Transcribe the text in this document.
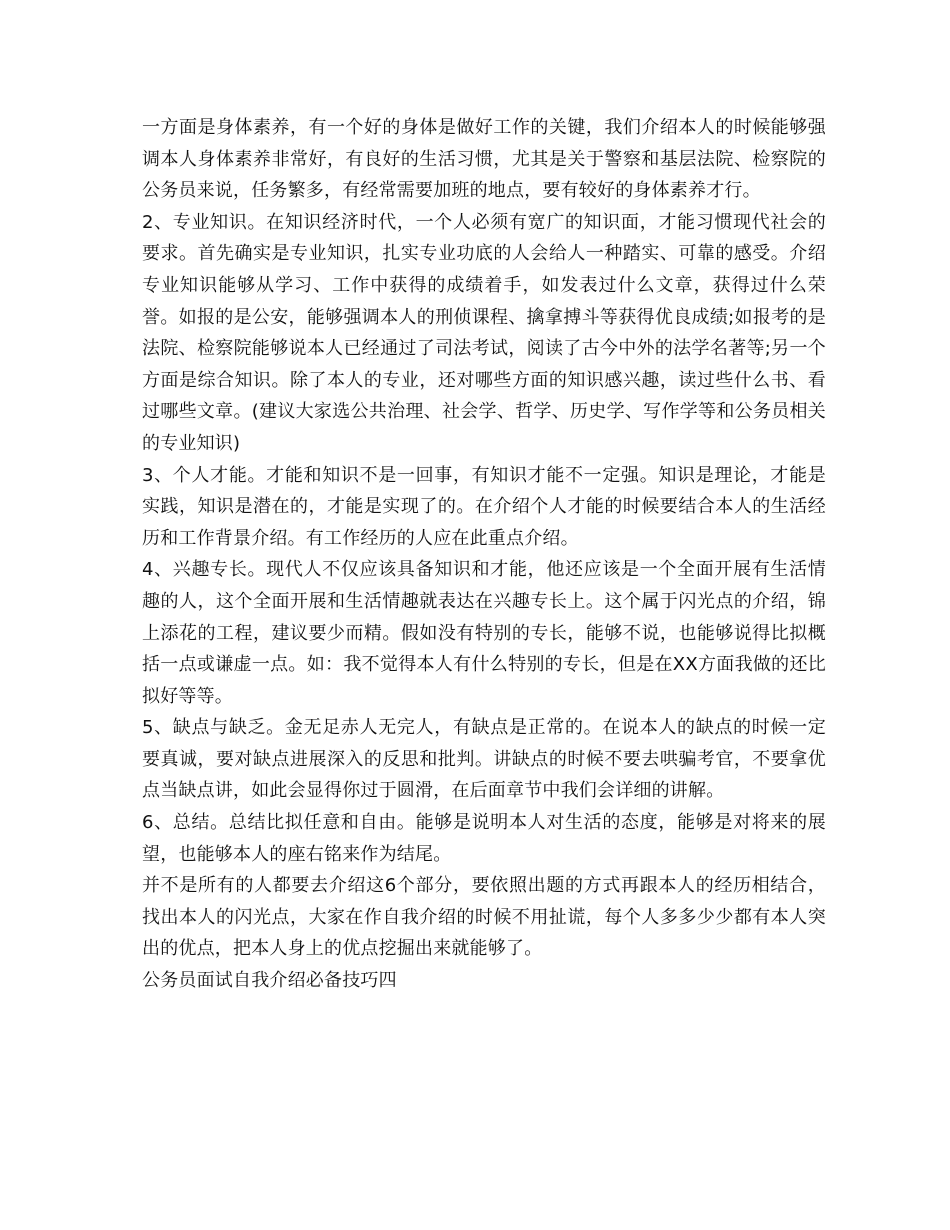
一方面是身体素养，有一个好的身体是做好工作的关键，我们介绍本人的时候能够强调本人身体素养非常好，有良好的生活习惯，尤其是关于警察和基层法院、检察院的公务员来说，任务繁多，有经常需要加班的地点，要有较好的身体素养才行。

2、专业知识。在知识经济时代，一个人必须有宽广的知识面，才能习惯现代社会的要求。首先确实是专业知识，扎实专业功底的人会给人一种踏实、可靠的感受。介绍专业知识能够从学习、工作中获得的成绩着手，如发表过什么文章，获得过什么荣誉。如报的是公安，能够强调本人的刑侦课程、擒拿搏斗等获得优良成绩;如报考的是法院、检察院能够说本人已经通过了司法考试，阅读了古今中外的法学名著等;另一个方面是综合知识。除了本人的专业，还对哪些方面的知识感兴趣，读过些什么书、看过哪些文章。(建议大家选公共治理、社会学、哲学、历史学、写作学等和公务员相关的专业知识)

3、个人才能。才能和知识不是一回事，有知识才能不一定强。知识是理论，才能是实践，知识是潜在的，才能是实现了的。在介绍个人才能的时候要结合本人的生活经历和工作背景介绍。有工作经历的人应在此重点介绍。

4、兴趣专长。现代人不仅应该具备知识和才能，他还应该是一个全面开展有生活情趣的人，这个全面开展和生活情趣就表达在兴趣专长上。这个属于闪光点的介绍，锦上添花的工程，建议要少而精。假如没有特别的专长，能够不说，也能够说得比拟概括一点或谦虚一点。如：我不觉得本人有什么特别的专长，但是在XX方面我做的还比拟好等等。

5、缺点与缺乏。金无足赤人无完人，有缺点是正常的。在说本人的缺点的时候一定要真诚，要对缺点进展深入的反思和批判。讲缺点的时候不要去哄骗考官，不要拿优点当缺点讲，如此会显得你过于圆滑，在后面章节中我们会详细的讲解。

6、总结。总结比拟任意和自由。能够是说明本人对生活的态度，能够是对将来的展望，也能够本人的座右铭来作为结尾。

并不是所有的人都要去介绍这6个部分，要依照出题的方式再跟本人的经历相结合，找出本人的闪光点，大家在作自我介绍的时候不用扯谎，每个人多多少少都有本人突出的优点，把本人身上的优点挖掘出来就能够了。

公务员面试自我介绍必备技巧四
